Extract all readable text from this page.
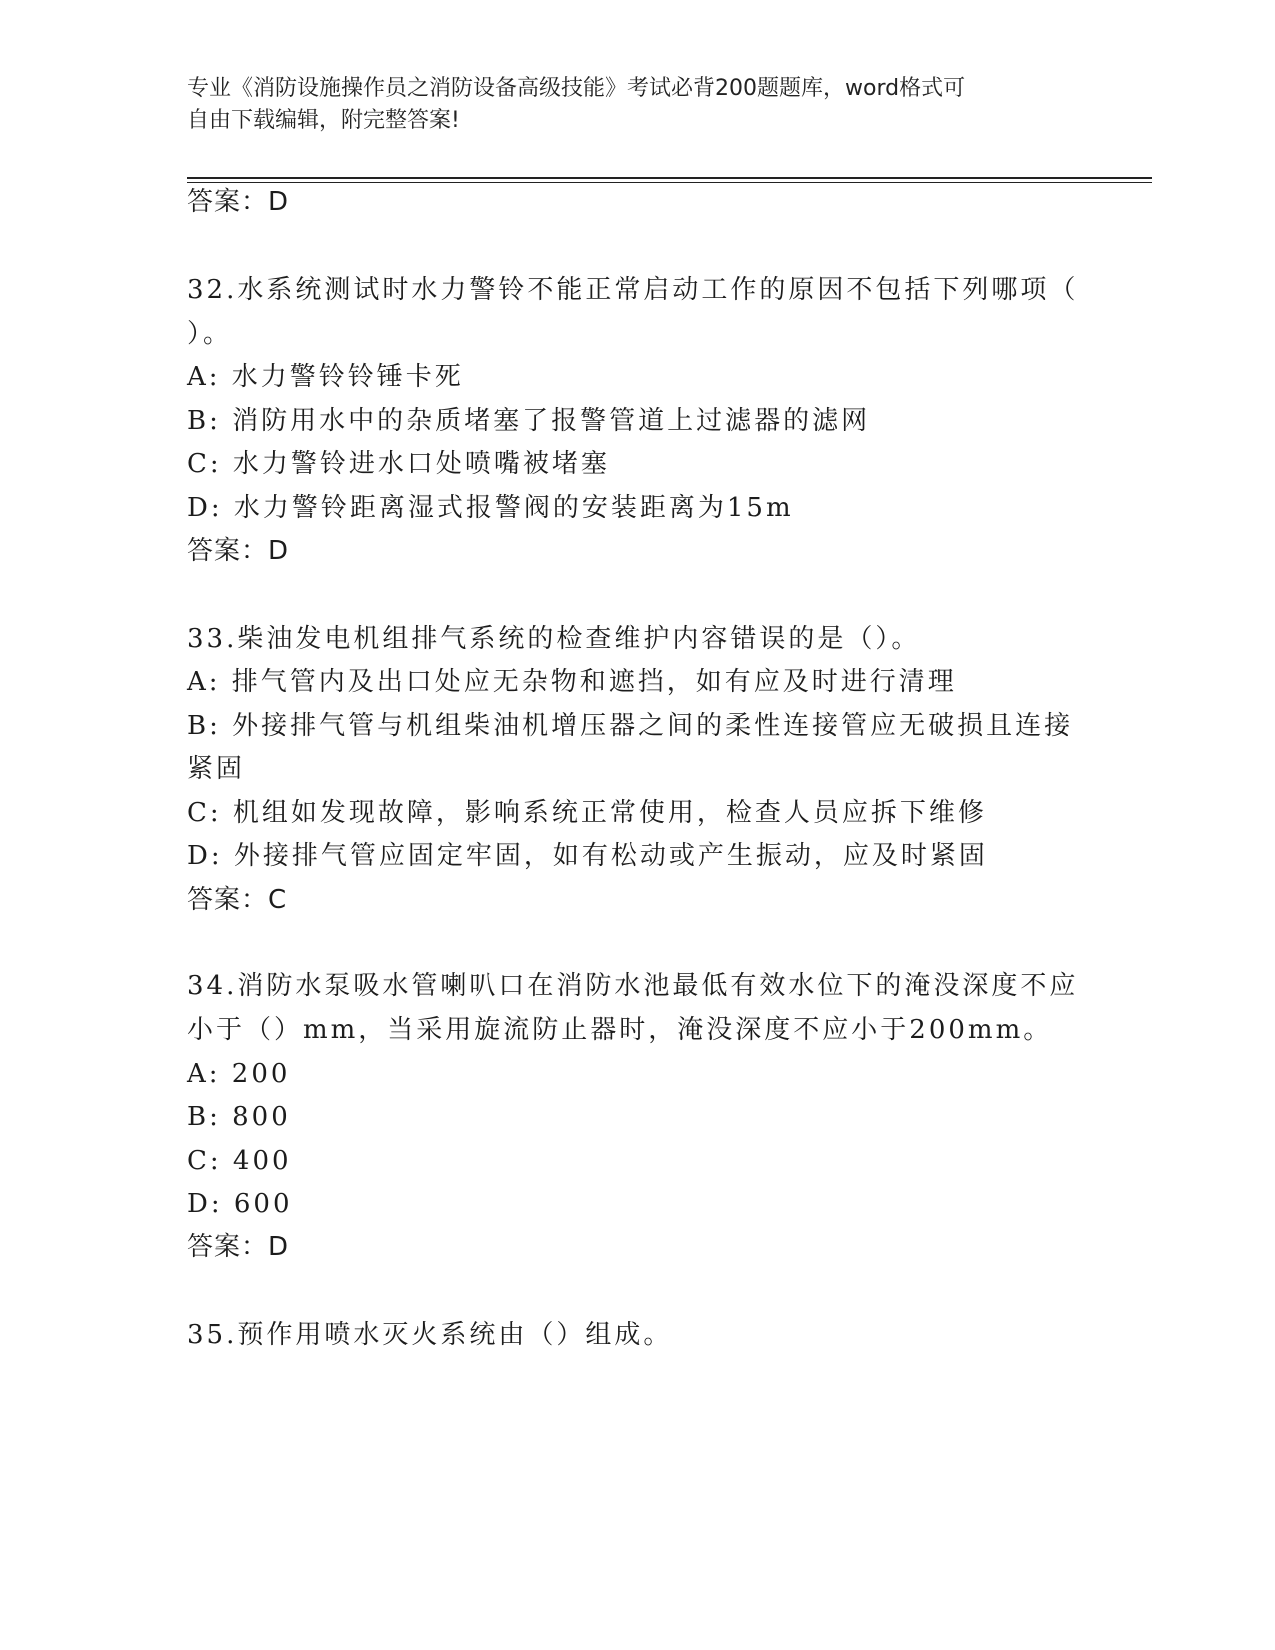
专业《消防设施操作员之消防设备高级技能》考试必背200题题库，word格式可
自由下载编辑，附完整答案!
答案：D
32.水系统测试时水力警铃不能正常启动工作的原因不包括下列哪项（
）。
A: 水力警铃铃锤卡死
B: 消防用水中的杂质堵塞了报警管道上过滤器的滤网
C: 水力警铃进水口处喷嘴被堵塞
D: 水力警铃距离湿式报警阀的安装距离为15m
答案：D
33.柴油发电机组排气系统的检查维护内容错误的是（）。
A: 排气管内及出口处应无杂物和遮挡，如有应及时进行清理
B: 外接排气管与机组柴油机增压器之间的柔性连接管应无破损且连接
紧固
C: 机组如发现故障，影响系统正常使用，检查人员应拆下维修
D: 外接排气管应固定牢固，如有松动或产生振动，应及时紧固
答案：C
34.消防水泵吸水管喇叭口在消防水池最低有效水位下的淹没深度不应
小于（）mm，当采用旋流防止器时，淹没深度不应小于200mm。
A: 200
B: 800
C: 400
D: 600
答案：D
35.预作用喷水灭火系统由（）组成。
